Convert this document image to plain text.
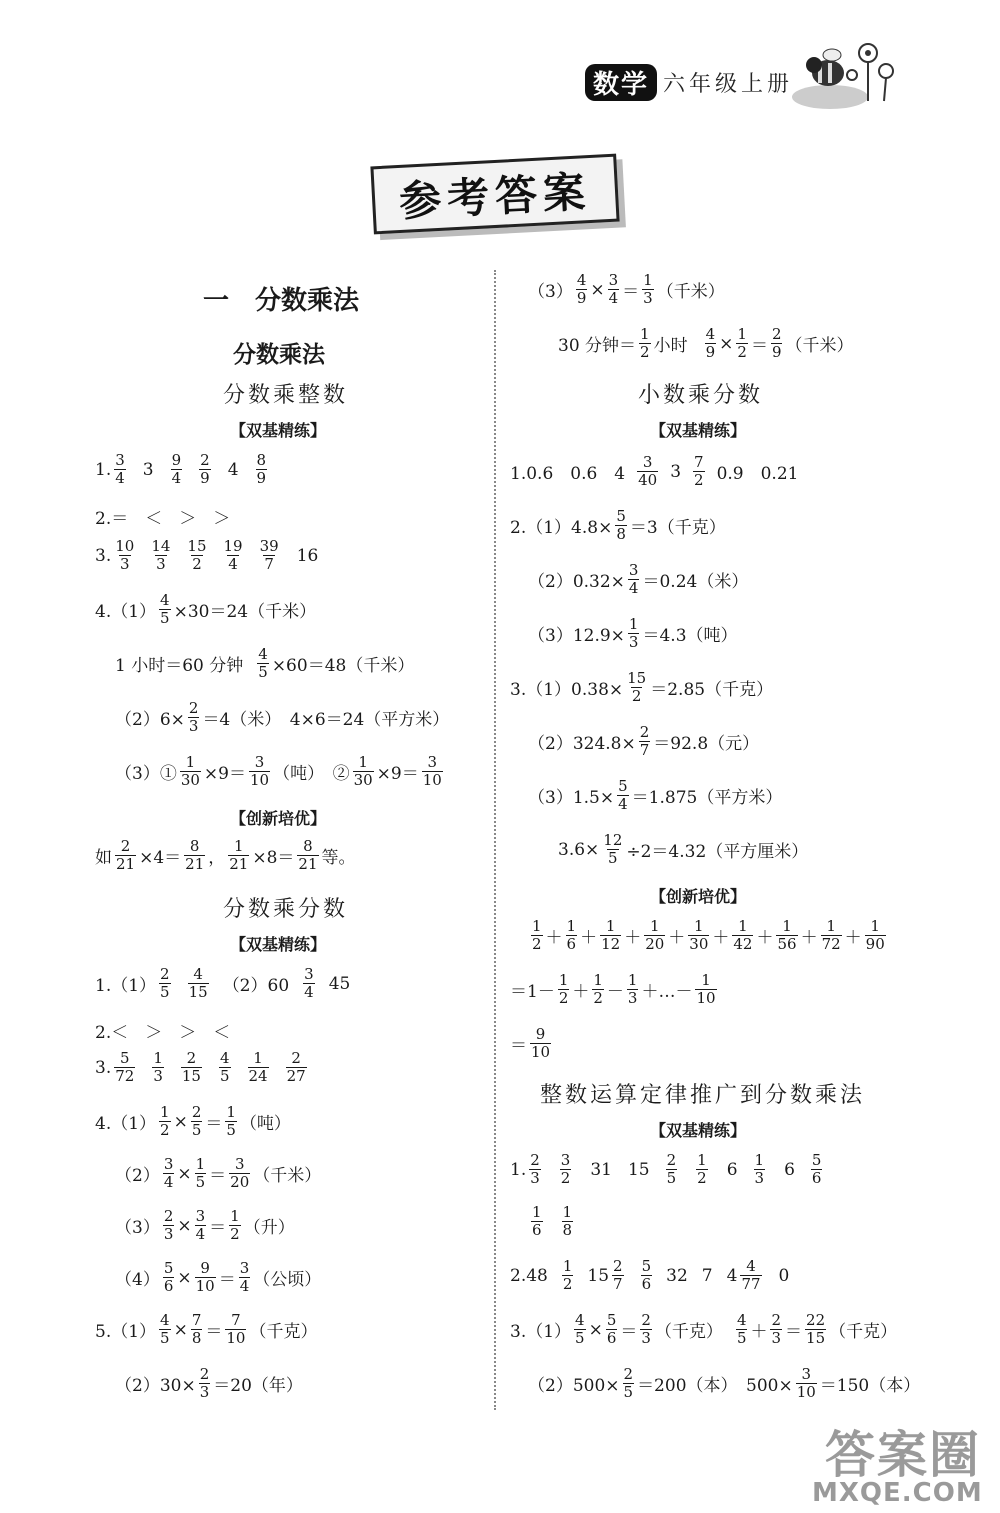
数学 六年级上册
参考答案
一　分数乘法
分数乘法
分数乘整数
【双基精练】
1. $\frac{3}{4} 3 \frac{9}{4} \frac{2}{9} 4 \frac{8}{9}$
2.＝　＜　＞　＞
3. $\frac{10}{3} \frac{14}{3} \frac{15}{2} \frac{19}{4} \frac{39}{7} 16$
$4.(1) \frac{4}{5} \times 30=24$（千米）
1 小时＝60 分钟 $\frac{4}{5} \times 60=48$（千米）
$(2)6\times \frac{2}{3} =4$（米）　4×6＝24（平方米）
（3）① $\frac{1}{30} \times 9= \frac{3}{10}$ （吨）　② $\frac{1}{30} \times 9= \frac{3}{10}$
【创新培优】
如 $\frac{2}{21} \times 4= \frac{8}{21}$ ， $\frac{1}{21} \times 8= \frac{8}{21}$ 等。
分数乘分数
【双基精练】
$1.(1) \frac{2}{5} \frac{4}{15} (2)60 \frac{3}{4} 45$
2.＜　＞　＞　＜
3. $\frac{5}{72} \frac{1}{3} \frac{2}{15} \frac{4}{5} \frac{1}{24} \frac{2}{27}$
$4.(1) \frac{1}{2} \times \frac{2}{5} = \frac{1}{5}$ （吨）
$(2) \frac{3}{4} \times \frac{1}{5} = \frac{3}{20}$ （千米）
$(3) \frac{2}{3} \times \frac{3}{4} = \frac{1}{2}$ （升）
$(4) \frac{5}{6} \times \frac{9}{10} = \frac{3}{4}$ （公顷）
$5.(1) \frac{4}{5} \times \frac{7}{8} = \frac{7}{10}$ （千克）
$(2)30\times \frac{2}{3} =20$（年）
$(3) \frac{4}{9} \times \frac{3}{4} = \frac{1}{3}$ （千米）
30 分钟＝ $\frac{1}{2}$ 小时 $\frac{4}{9} \times \frac{1}{2} = \frac{2}{9}$ （千米）
小数乘分数
【双基精练】
1.0.6　0.6　$4 \frac{3}{40} 3 \frac{7}{2} 0.9$　0.21
$2.(1)4.8\times \frac{5}{8} =3$（千克）
$(2)0.32\times \frac{3}{4} =0.24$（米）
$(3)12.9\times \frac{1}{3} =4.3$（吨）
$3.(1)0.38\times \frac{15}{2} =2.85$（千克）
$(2)324.8\times \frac{2}{7} =92.8$（元）
$(3)1.5\times \frac{5}{4} =1.875$（平方米）
$3.6\times \frac{12}{5} \div 2=4.32$（平方厘米）
【创新培优】
$\frac{1}{2} + \frac{1}{6} + \frac{1}{12} + \frac{1}{20} + \frac{1}{30} + \frac{1}{42} + \frac{1}{56} + \frac{1}{72} + \frac{1}{90}$
$=1- \frac{1}{2} + \frac{1}{2} - \frac{1}{3}$ ＋…－ $\frac{1}{10}$
＝ $\frac{9}{10}$
整数运算定律推广到分数乘法
【双基精练】
1. $\frac{2}{3} \frac{3}{2} 31$ $15 \frac{2}{5} \frac{1}{2} 6 \frac{1}{3} 6 \frac{5}{6}$
$\frac{1}{6} \frac{1}{8}$
$2.48 \frac{1}{2} 15 \frac{2}{7} \frac{5}{6} 32$ 7 $4 \frac{4}{77} 0$
$3.(1) \frac{4}{5} \times \frac{5}{6} = \frac{2}{3}$ （千克） $\frac{4}{5} + \frac{2}{3} = \frac{22}{15}$ （千克）
$(2)500\times \frac{2}{5} =200$（本）　$500\times \frac{3}{10} =150$（本）
答案圈
MXQE.COM
